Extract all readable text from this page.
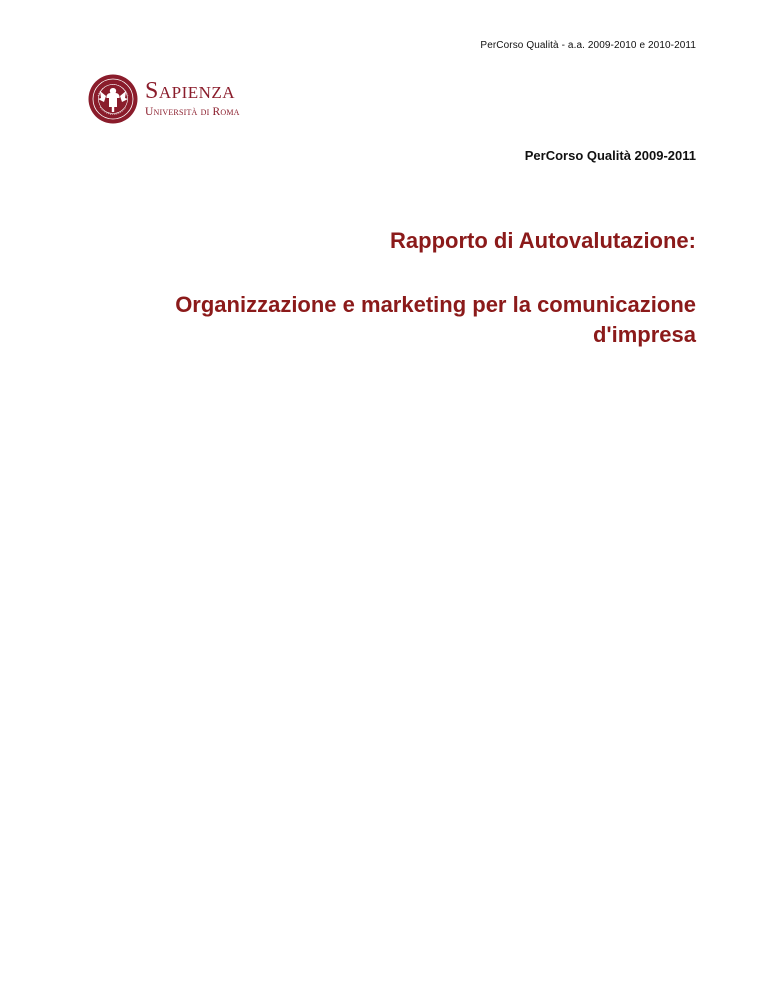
PerCorso Qualità - a.a. 2009-2010 e 2010-2011
Sapienza
Università di Roma
PerCorso Qualità 2009-2011
Rapporto di Autovalutazione:
Organizzazione e marketing per la comunicazione d'impresa
